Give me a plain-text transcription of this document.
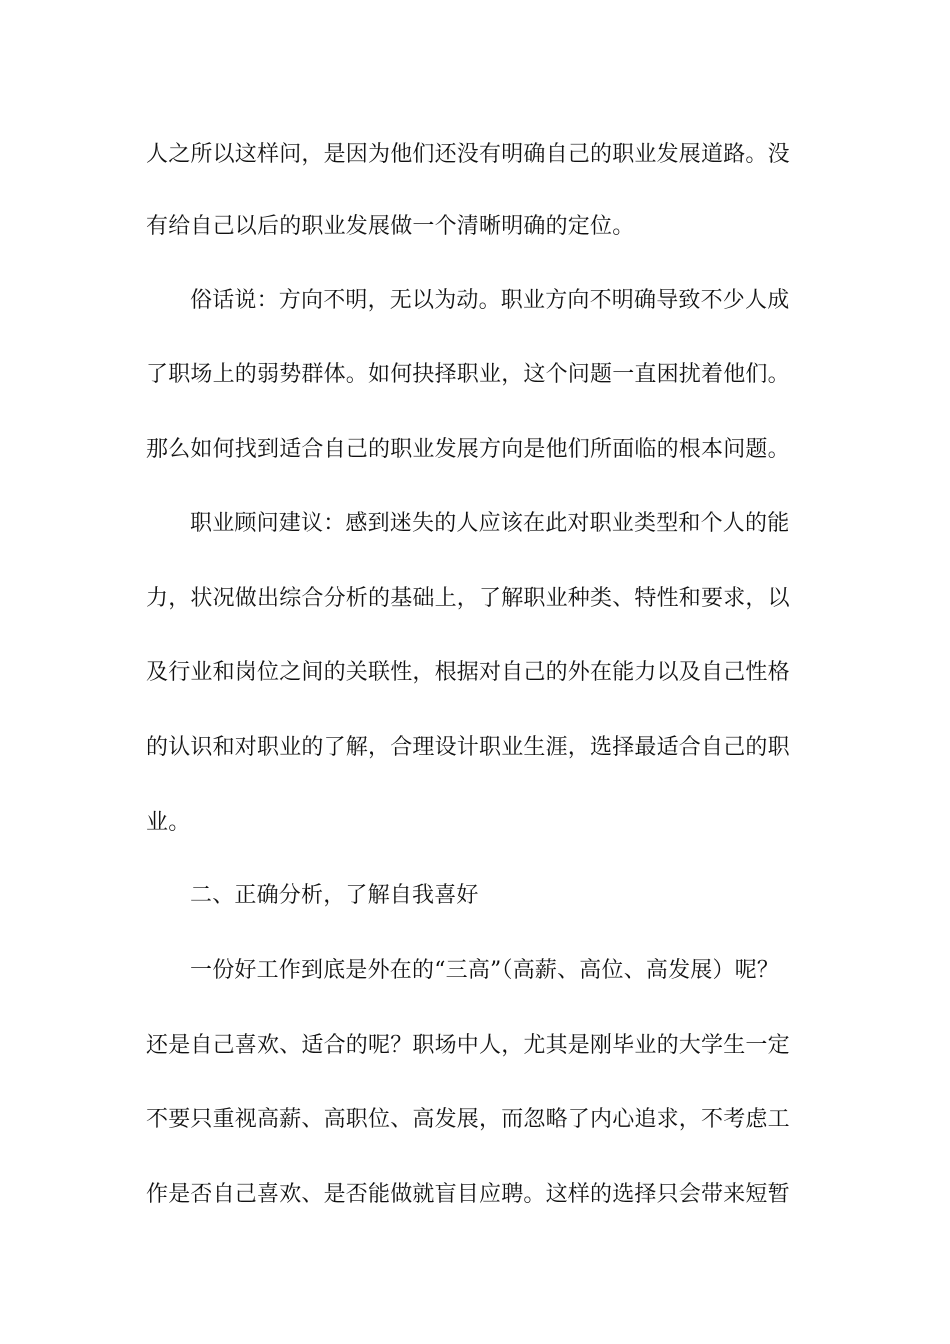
人之所以这样问，是因为他们还没有明确自己的职业发展道路。没
有给自己以后的职业发展做一个清晰明确的定位。
俗话说：方向不明，无以为动。职业方向不明确导致不少人成
了职场上的弱势群体。如何抉择职业，这个问题一直困扰着他们。
那么如何找到适合自己的职业发展方向是他们所面临的根本问题。
职业顾问建议：感到迷失的人应该在此对职业类型和个人的能
力，状况做出综合分析的基础上，了解职业种类、特性和要求，以
及行业和岗位之间的关联性，根据对自己的外在能力以及自己性格
的认识和对职业的了解，合理设计职业生涯，选择最适合自己的职
业。
二、正确分析，了解自我喜好
一份好工作到底是外在的“三高”（高薪、高位、高发展）呢？
还是自己喜欢、适合的呢？职场中人，尤其是刚毕业的大学生一定
不要只重视高薪、高职位、高发展，而忽略了内心追求，不考虑工
作是否自己喜欢、是否能做就盲目应聘。这样的选择只会带来短暂
